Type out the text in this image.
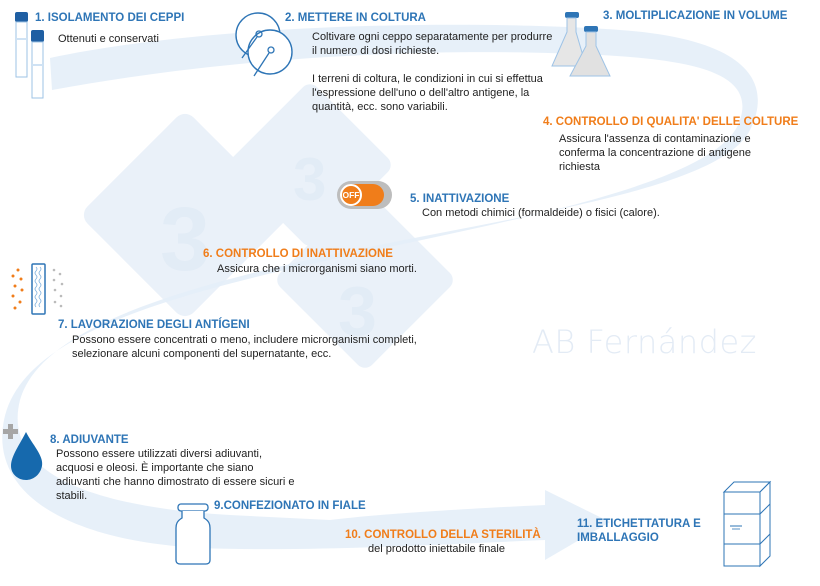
3
3
3	AB Fernández
1. ISOLAMENTO DEI CEPPI
Ottenuti e conservati
2. METTERE IN COLTURA
Coltivare ogni ceppo separatamente per produrre il numero di dosi richieste.
I terreni di coltura, le condizioni in cui si effettua l'espressione dell'uno o dell'altro antigene, la quantità, ecc. sono variabili.
3. MOLTIPLICAZIONE IN VOLUME
4. CONTROLLO DI QUALITA' DELLE COLTURE
Assicura l'assenza di contaminazione e conferma la concentrazione di antigene richiesta
OFF	5. INATTIVAZIONE
Con metodi chimici (formaldeide) o fisici (calore).
6. CONTROLLO DI INATTIVAZIONE
Assicura che i microrganismi siano morti.
7. LAVORAZIONE DEGLI ANTÍGENI
Possono essere concentrati o meno, includere microrganismi completi, selezionare alcuni componenti del supernatante, ecc.
8. ADIUVANTE
Possono essere utilizzati diversi adiuvanti, acquosi e oleosi. È importante che siano adiuvanti che hanno dimostrato di essere sicuri e stabili.
9.CONFEZIONATO IN FIALE
10. CONTROLLO DELLA STERILITÀ
del prodotto iniettabile finale
11. ETICHETTATURA E
IMBALLAGGIO
